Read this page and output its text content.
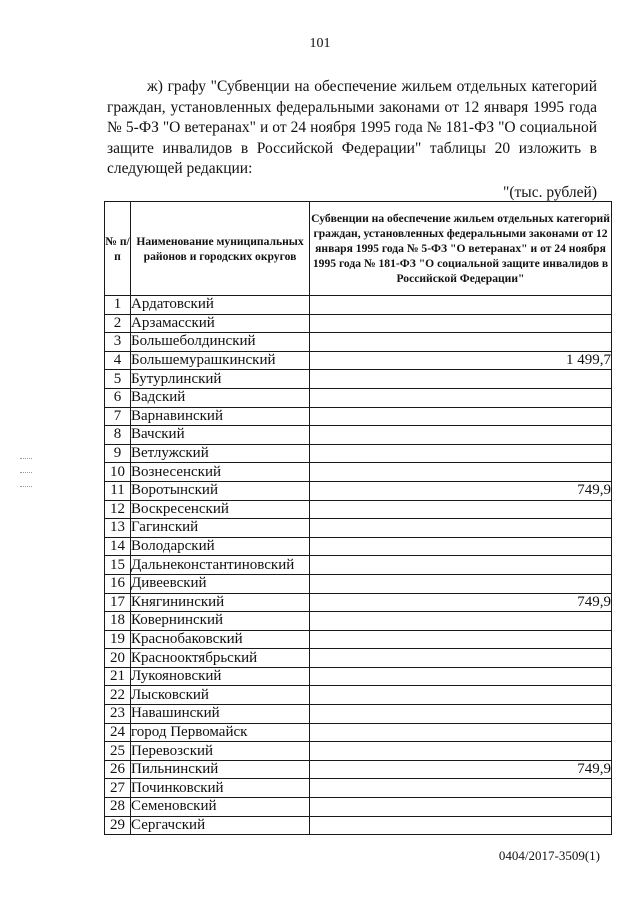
101

ж) графу "Субвенции на обеспечение жильем отдельных категорий граждан, установленных федеральными законами от 12 января 1995 года № 5-ФЗ "О ветеранах" и от 24 ноября 1995 года № 181-ФЗ "О социальной защите инвалидов в Российской Федерации" таблицы 20 изложить в следующей редакции:

"(тыс. рублей)
№ п/п	Наименование муниципальных районов и городских округов	Субвенции на обеспечение жильем отдельных категорий граждан, установленных федеральными законами от 12 января 1995 года № 5-ФЗ "О ветеранах" и от 24 ноября 1995 года № 181-ФЗ "О социальной защите инвалидов в Российской Федерации"
1	Ардатовский	
2	Арзамасский	
3	Большеболдинский	
4	Большемурашкинский	1 499,7
5	Бутурлинский	
6	Вадский	
7	Варнавинский	
8	Вачский	
9	Ветлужский	
10	Вознесенский	
11	Воротынский	749,9
12	Воскресенский	
13	Гагинский	
14	Володарский	
15	Дальнеконстантиновский	
16	Дивеевский	
17	Княгининский	749,9
18	Ковернинский	
19	Краснобаковский	
20	Краснооктябрьский	
21	Лукояновский	
22	Лысковский	
23	Навашинский	
24	город Первомайск	
25	Перевозский	
26	Пильнинский	749,9
27	Починковский	
28	Семеновский	
29	Сергачский	
0404/2017-3509(1)
